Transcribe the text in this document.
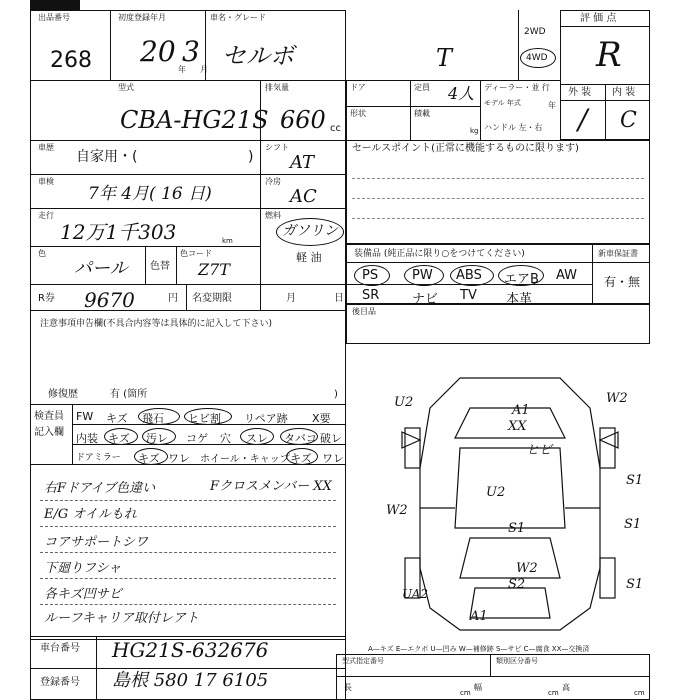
出品番号
268
初度登録年月
20
年
3
月
車名・グレード
セルボ	T
型式
CBA-HG21S
排気量
660 cc
ドア	定員 4人 ディーラー・並 行
モデル 年式	年
ハンドル 左・右
形状	積載
kg
2WD
4WD
評 価 点
R
外 装 内 装
/ C
車歴
自家用・(	)
シフト
AT
車検
7年 4月( 16 日)
冷房
AC
走行
12万1千303	km
燃料
ガソリン
軽 油
色
パール 色替
色コード
Z7T
R券 9670	円 名変期限	月	日
注意事項申告欄(不具合内容等は具体的に記入して下さい)
修復歴	有 (箇所	)
検査員
記入欄
FW キズ 飛石 ヒビ割 リペア跡 X要
内装 キズ 汚レ コゲ 穴 スレ タバコ 破レ
ドアミラー キズ ワレ ホイール・キャップ キズ ワレ
右Fドアイブ色違い	Fクロスメンバー XX
E/G オイルもれ
コアサポートシワ
下廻りフシャ
各キズ凹サビ
ルーフキャリア取付レアト
セールスポイント(正常に機能するものに限ります)
装備品 (純正品に限り○をつけてください)	新車保証書
有・無
PS	PW ABS エアB AW
SR	ナビ TV 本革
後目品
U2
W2
A1
XX
ヒビ
U2
S1
S1
W2
S1
W2
S2	S1
UA2
A1
A—キズ E—エクボ U—凹み W—補修跡 S—サビ C—腐食 XX—交換済
車台番号 HG21S-632676
登録番号 島根 580 17 6105
型式指定番号	類別区分番号
長
cm
幅
cm
高
cm
